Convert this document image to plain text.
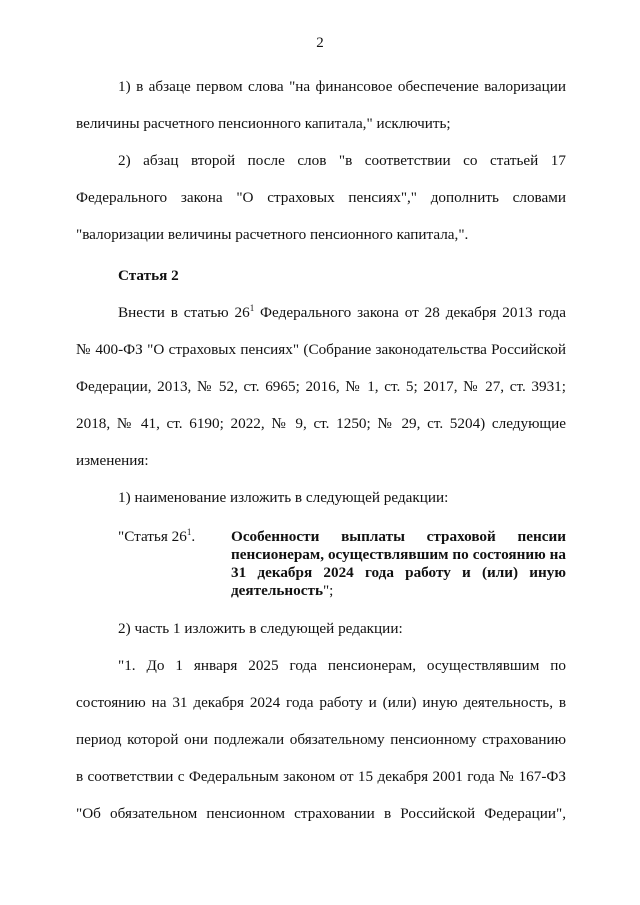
2
1) в абзаце первом слова "на финансовое обеспечение валоризации
величины расчетного пенсионного капитала," исключить;
2) абзац второй после слов "в соответствии со статьей 17
Федерального закона "О страховых пенсиях"," дополнить словами
"валоризации величины расчетного пенсионного капитала,".
Статья 2
Внести в статью $26^1$ Федерального закона от 28 декабря 2013 года
№ 400-ФЗ "О страховых пенсиях" (Собрание законодательства Российской
Федерации, 2013, № 52, ст. 6965; 2016, № 1, ст. 5; 2017, № 27, ст. 3931;
2018, № 41, ст. 6190; 2022, № 9, ст. 1250; № 29, ст. 5204) следующие
изменения:
1) наименование изложить в следующей редакции:
"Статья $26^1$. Особенности выплаты страховой пенсии пенсионерам, осуществлявшим по состоянию на 31 декабря 2024 года работу и (или) иную деятельность";
2) часть 1 изложить в следующей редакции:
"1. До 1 января 2025 года пенсионерам, осуществлявшим по
состоянию на 31 декабря 2024 года работу и (или) иную деятельность, в
период которой они подлежали обязательному пенсионному страхованию
в соответствии с Федеральным законом от 15 декабря 2001 года № 167-ФЗ
"Об обязательном пенсионном страховании в Российской Федерации",
